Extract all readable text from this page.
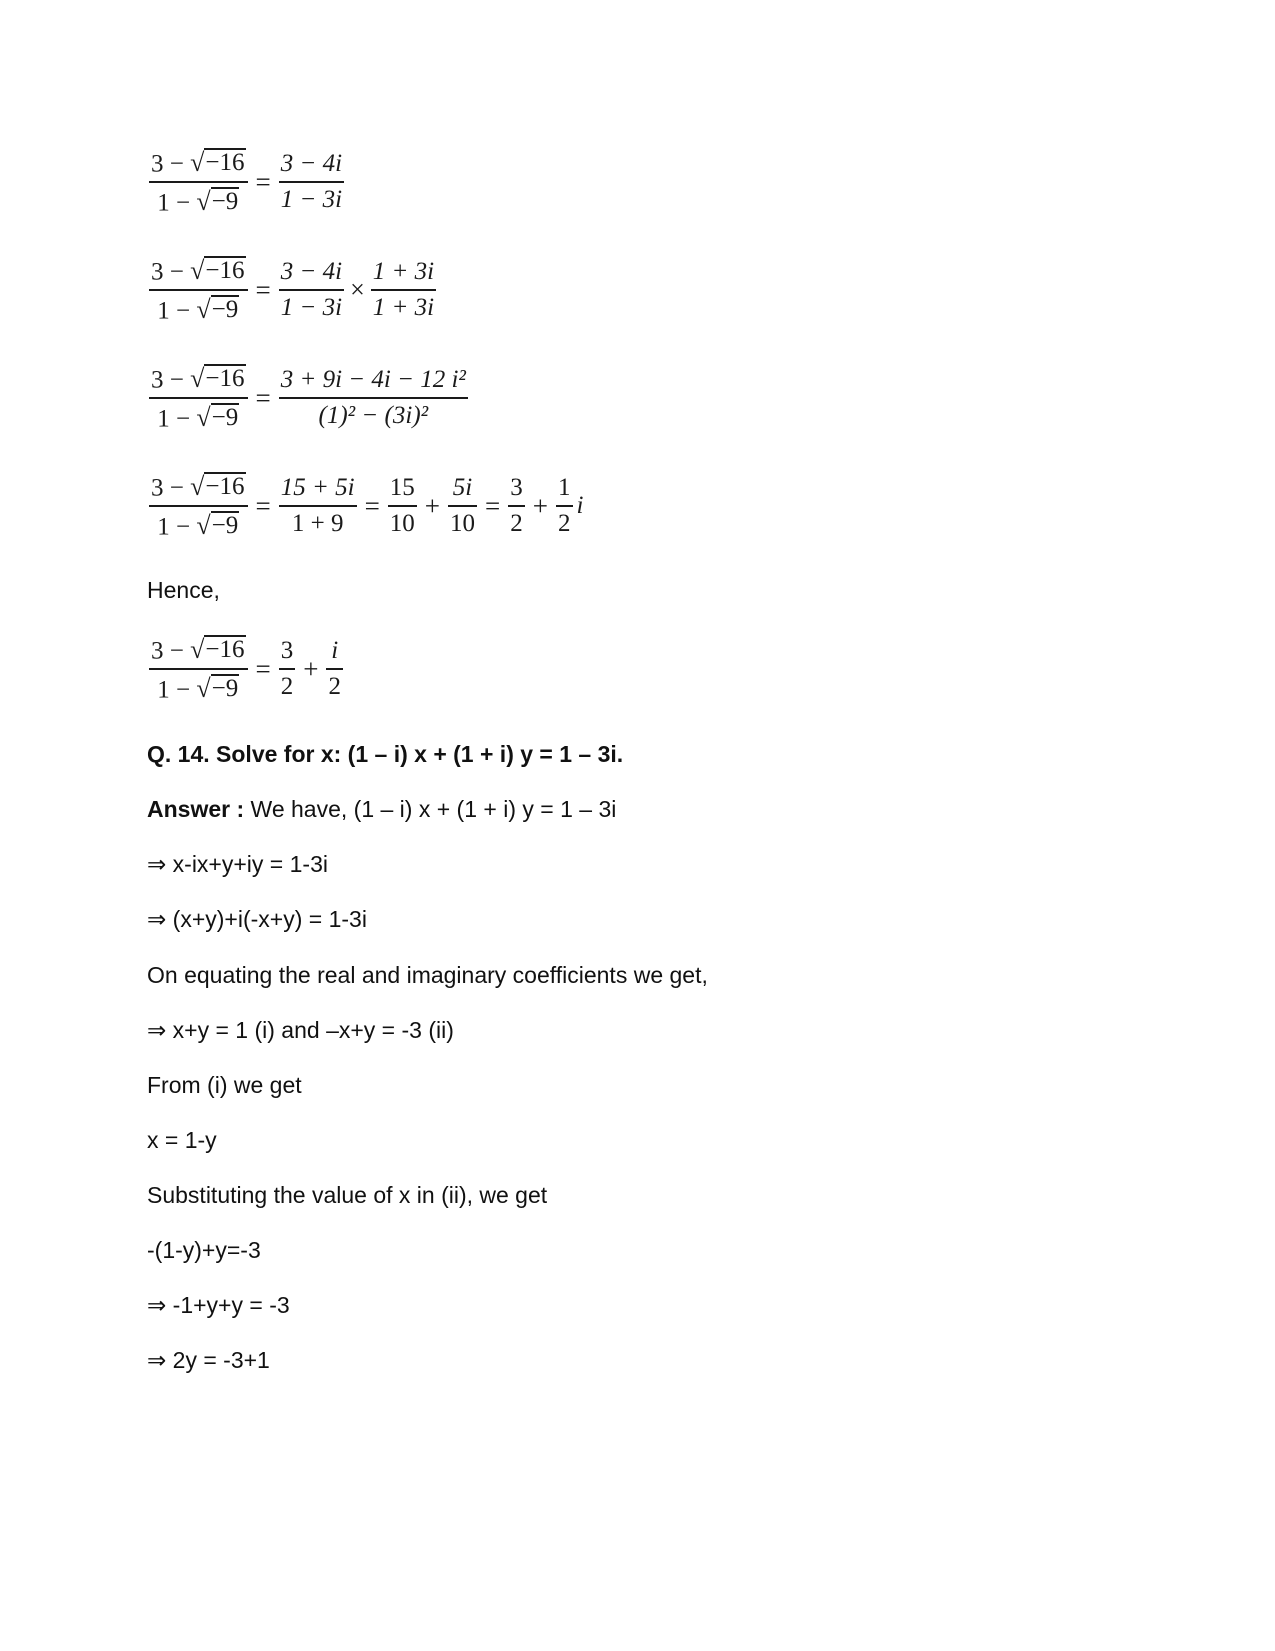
$\frac{3 - √ -16}{1 - √ -9} = \frac{3 - 4i}{1 - 3i}$
$\frac{3 - √ -16}{1 - √ -9} = \frac{3 - 4i}{1 - 3i} \times \frac{1 + 3i}{1 + 3i}$
$\frac{3 - √ -16}{1 - √ -9} = \frac{\text{3 + 9i − 4i − 12 i²}}{\text{(1)² − (3i)²}}$
$\frac{3 - √ -16}{1 - √ -9} = \frac{15 + 5i}{1 + 9} = \frac{15}{10} + \frac{5i}{10} = \frac{3}{2} + \frac{1}{2}$ i
Hence,
$\frac{3 - √ -16}{1 - √ -9} = \frac{3}{2} + \frac{i}{2}$
Q. 14. Solve for x: (1 – i) x + (1 + i) y = 1 – 3i.
Answer : We have, (1 – i) x + (1 + i) y = 1 – 3i
⇒ x-ix+y+iy = 1-3i
⇒ (x+y)+i(-x+y) = 1-3i
On equating the real and imaginary coefficients we get,
⇒ x+y = 1 (i) and –x+y = -3 (ii)
From (i) we get
x = 1-y
Substituting the value of x in (ii), we get
-(1-y)+y=-3
⇒ -1+y+y = -3
⇒ 2y = -3+1
